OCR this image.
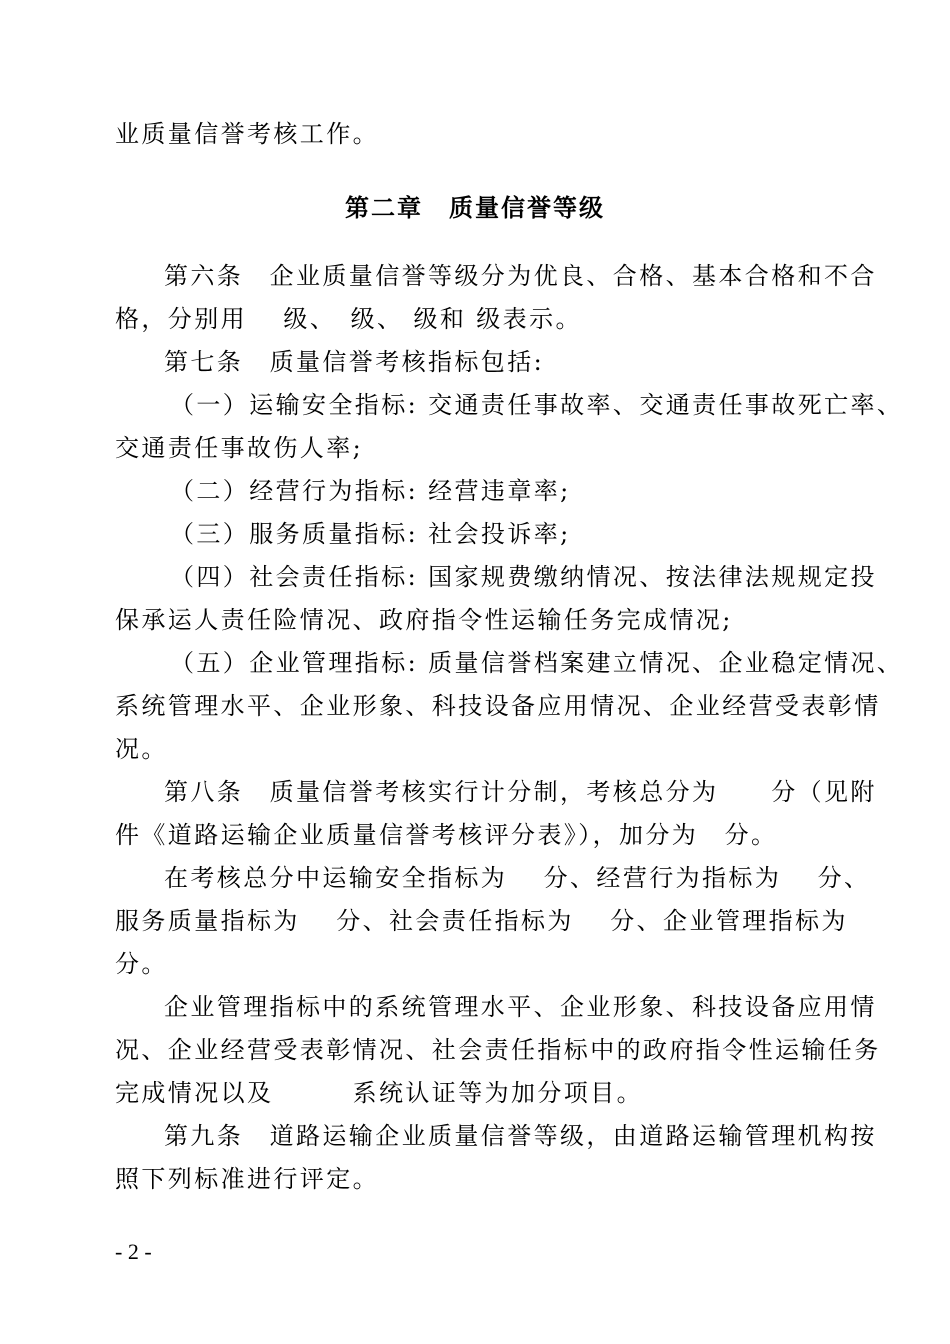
业质量信誉考核工作。
第二章　质量信誉等级
第六条　企业质量信誉等级分为优良、合格、基本合格和不合
格，分别用　 级、　级、 级和 级表示。
第七条　质量信誉考核指标包括:
（一）运输安全指标: 交通责任事故率、交通责任事故死亡率、
交通责任事故伤人率;
（二）经营行为指标: 经营违章率;
（三）服务质量指标: 社会投诉率;
（四）社会责任指标: 国家规费缴纳情况、按法律法规规定投
保承运人责任险情况、政府指令性运输任务完成情况;
（五）企业管理指标: 质量信誉档案建立情况、企业稳定情况、
系统管理水平、企业形象、科技设备应用情况、企业经营受表彰情
况。
第八条　质量信誉考核实行计分制，考核总分为　　分（见附
件《道路运输企业质量信誉考核评分表》），加分为　分。
在考核总分中运输安全指标为　 分、经营行为指标为　 分、
服务质量指标为　 分、社会责任指标为　 分、企业管理指标为
分。
企业管理指标中的系统管理水平、企业形象、科技设备应用情
况、企业经营受表彰情况、社会责任指标中的政府指令性运输任务
完成情况以及　　　系统认证等为加分项目。
第九条　道路运输企业质量信誉等级，由道路运输管理机构按
照下列标准进行评定。
- 2 -
